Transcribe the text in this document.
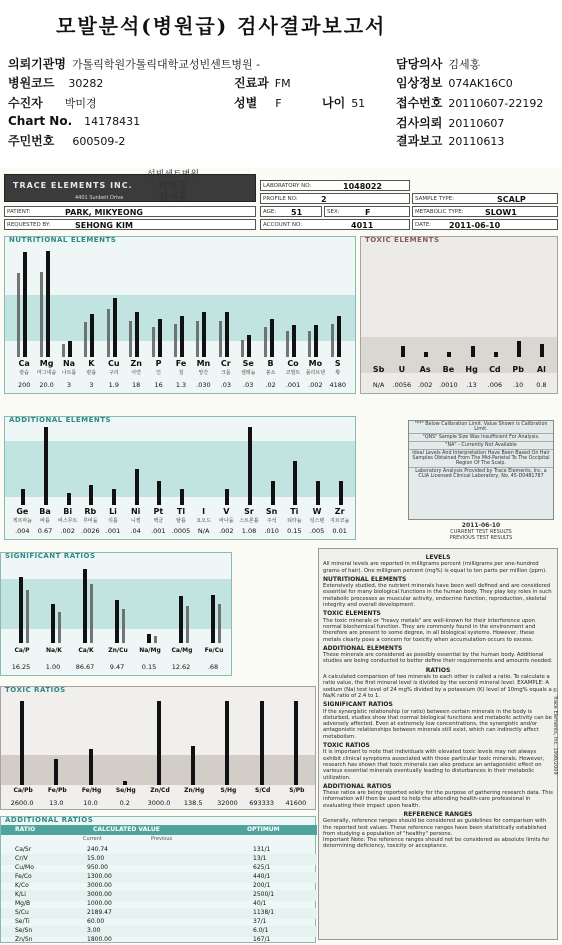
모발분석(병원급) 검사결과보고서
의뢰기관명 가톨릭학원가톨릭대학교성빈센트병원 -	담당의사 김세홍
병원코드 30282	진료과 FM	임상정보 074AK16C0
수진자 박미경	성별 F	나이 51	접수번호 20110607-22192
Chart No. 14178431	검사의뢰 20110607
주민번호 600509-2	결과보고 20110613
TRACE ELEMENTS INC.
4401 Sunbelt Drive
성빈센트병원
박미경
김세홍
LABORATORY NO:	1048022
PROFILE NO:	2	SAMPLE TYPE:	SCALP
PATIENT:	PARK, MIKYEONG	AGE: 51	SEX:	F	METABOLIC TYPE:	SLOW1
REQUESTED BY:	SEHONG KIM	ACCOUNT NO:	4011	DATE: 2011-06-10
NUTRITIONAL ELEMENTS
Ca
칼슘
200
Mg
마그네슘
20.0
Na
나트륨
3
K
칼륨
3
Cu
구리
1.9
Zn
아연
18
P
인
16
Fe
철
1.3
Mn
망간
.030
Cr
크롬
.03
Se
셀레늄
.03
B
붕소
.02
Co
코발트
.001
Mo
몰리브덴
.002
S
황
4180
TOXIC ELEMENTS
Sb
N/A
U
.0056
As
.002
Be
.0010
Hg
.13
Cd
.006
Pb
.10
Al
0.8
ADDITIONAL ELEMENTS
Ge
게르마늄
.004
Ba
바륨
0.67
Bi
비스무트
.002
Rb
루비듐
.0026
Li
리튬
.001
Ni
니켈
.04
Pt
백금
.001
Tl
탈륨
.0005
I
요오드
N/A
V
바나듐
.002
Sr
스트론튬
1.08
Sn
주석
.010
Ti
티타늄
0.15
W
텅스텐
.005
Zr
지르코늄
0.01
"**" Below Calibration Limit. Value Shown is Calibration Limit.
"QNS" Sample Size Was Insufficient For Analysis.
"NA" - Currently Not Available
Ideal Levels And Interpretation Have Been Based On Hair Samples Obtained From The Mid-Parietal To The Occipital Region Of The Scalp.
Laboratory Analysis Provided by Trace Elements, Inc. a CLIA Licensed Clinical Laboratory, No. 45-D0481787
2011-06-10
CURRENT TEST RESULTS
PREVIOUS TEST RESULTS
SIGNIFICANT RATIOS
Ca/P
16.25
Na/K
1.00
Ca/K
86.67
Zn/Cu
9.47
Na/Mg
0.15
Ca/Mg
12.62
Fe/Cu
.68
TOXIC RATIOS
Ca/Pb
2600.0
Fe/Pb
13.0
Fe/Hg
10.0
Se/Hg
0.2
Zn/Cd
3000.0
Zn/Hg
138.5
S/Hg
32000
S/Cd
693333
S/Pb
41600
ADDITIONAL RATIOS
RATIO	CALCULATED VALUE	OPTIMUM
Current	Previous
Ca/Sr	240.74	131/1
Cr/V	15.00	13/1
Cu/Mo	950.00	625/1
Fe/Co	1300.00	440/1
K/Co	3000.00	200/1
K/Li	3000.00	2500/1
Mg/B	1000.00	40/1
S/Cu	2189.47	1138/1
Se/Ti	60.00	37/1
Se/Sn	3.00	6.0/1
Zn/Sn	1800.00	167/1
LEVELS
All mineral levels are reported in milligrams percent (milligrams per one-hundred grams of hair). One milligram percent (mg%) is equal to ten parts per million (ppm).
NUTRITIONAL ELEMENTS
Extensively studied, the nutrient minerals have been well defined and are considered essential for many biological functions in the human body. They play key roles in such metabolic processes as muscular activity, endocrine function, reproduction, skeletal integrity and overall development.
TOXIC ELEMENTS
The toxic minerals or "heavy metals" are well-known for their interference upon normal biochemical function. They are commonly found in the environment and therefore are present to some degree, in all biological systems. However, these metals clearly pose a concern for toxicity when accumulation occurs to excess.
ADDITIONAL ELEMENTS
These minerals are considered as possibly essential by the human body. Additional studies are being conducted to better define their requirements and amounts needed.
RATIOS
A calculated comparison of two minerals to each other is called a ratio. To calculate a ratio value, the first mineral level is divided by the second mineral level. EXAMPLE: A sodium (Na) test level of 24 mg% divided by a potassium (K) level of 10mg% equals a Na/K ratio of 2.4 to 1.
SIGNIFICANT RATIOS
If the synergistic relationship (or ratio) between certain minerals in the body is disturbed, studies show that normal biological functions and metabolic activity can be adversely affected. Even at extremely low concentrations, the synergistic and/or antagonistic relationships between minerals still exist, which can indirectly affect metabolism.
TOXIC RATIOS
It is important to note that individuals with elevated toxic levels may not always exhibit clinical symptoms associated with those particular toxic minerals. However, research has shown that toxic minerals can also produce an antagonistic effect on various essential minerals eventually leading to disturbances in their metabolic utilization.
ADDITIONAL RATIOS
These ratios are being reported solely for the purpose of gathering research data. This information will then be used to help the attending health-care professional in evaluating their impact upon health.
REFERENCE RANGES
Generally, reference ranges should be considered as guidelines for comparison with the reported test values. These reference ranges have been statistically established from studying a population of "healthy" persons.
Important Note: The reference ranges should not be considered as absolute limits for determining deficiency, toxicity or acceptance.
© Trace Elements, Inc. 1998/2009
